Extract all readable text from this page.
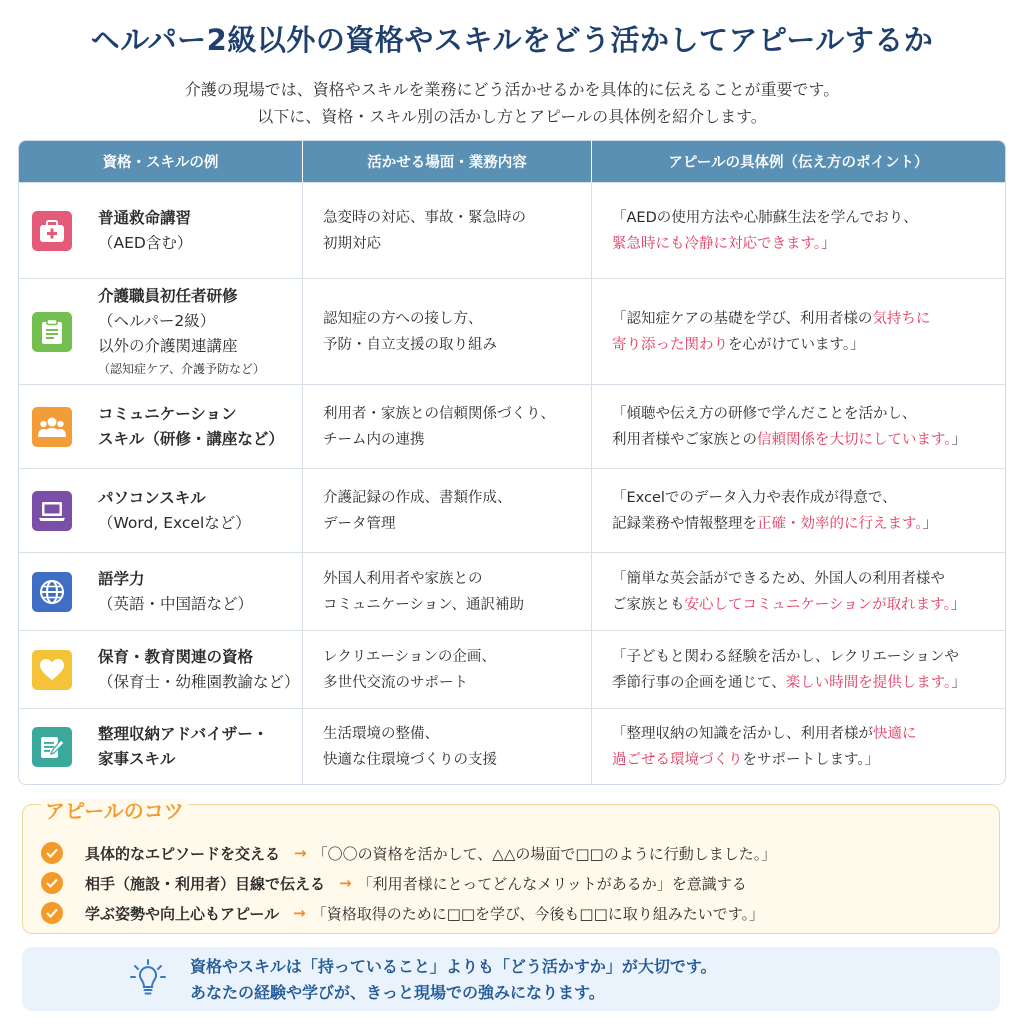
ヘルパー2級以外の資格やスキルをどう活かしてアピールするか
介護の現場では、資格やスキルを業務にどう活かせるかを具体的に伝えることが重要です。
以下に、資格・スキル別の活かし方とアピールの具体例を紹介します。
資格・スキルの例	活かせる場面・業務内容	アピールの具体例（伝え方のポイント）
普通救命講習
（AED含む）
急変時の対応、事故・緊急時の
初期対応
「AEDの使用方法や心肺蘇生法を学んでおり、
緊急時にも冷静に対応できます。」
介護職員初任者研修
（ヘルパー2級）
以外の介護関連講座
（認知症ケア、介護予防など）
認知症の方への接し方、
予防・自立支援の取り組み
「認知症ケアの基礎を学び、利用者様の気持ちに
寄り添った関わりを心がけています。」
コミュニケーション
スキル（研修・講座など）
利用者・家族との信頼関係づくり、
チーム内の連携
「傾聴や伝え方の研修で学んだことを活かし、
利用者様やご家族との信頼関係を大切にしています。」
パソコンスキル
（Word, Excelなど）
介護記録の作成、書類作成、
データ管理
「Excelでのデータ入力や表作成が得意で、
記録業務や情報整理を正確・効率的に行えます。」
語学力
（英語・中国語など）
外国人利用者や家族との
コミュニケーション、通訳補助
「簡単な英会話ができるため、外国人の利用者様や
ご家族とも安心してコミュニケーションが取れます。」
保育・教育関連の資格
（保育士・幼稚園教諭など）
レクリエーションの企画、
多世代交流のサポート
「子どもと関わる経験を活かし、レクリエーションや
季節行事の企画を通じて、楽しい時間を提供します。」
整理収納アドバイザー・
家事スキル
生活環境の整備、
快適な住環境づくりの支援
「整理収納の知識を活かし、利用者様が快適に
過ごせる環境づくりをサポートします。」
アピールのコツ
具体的なエピソードを交える → 「〇〇の資格を活かして、△△の場面で□□のように行動しました。」
相手（施設・利用者）目線で伝える → 「利用者様にとってどんなメリットがあるか」を意識する
学ぶ姿勢や向上心もアピール → 「資格取得のために□□を学び、今後も□□に取り組みたいです。」
資格やスキルは「持っていること」よりも「どう活かすか」が大切です。
あなたの経験や学びが、きっと現場での強みになります。
